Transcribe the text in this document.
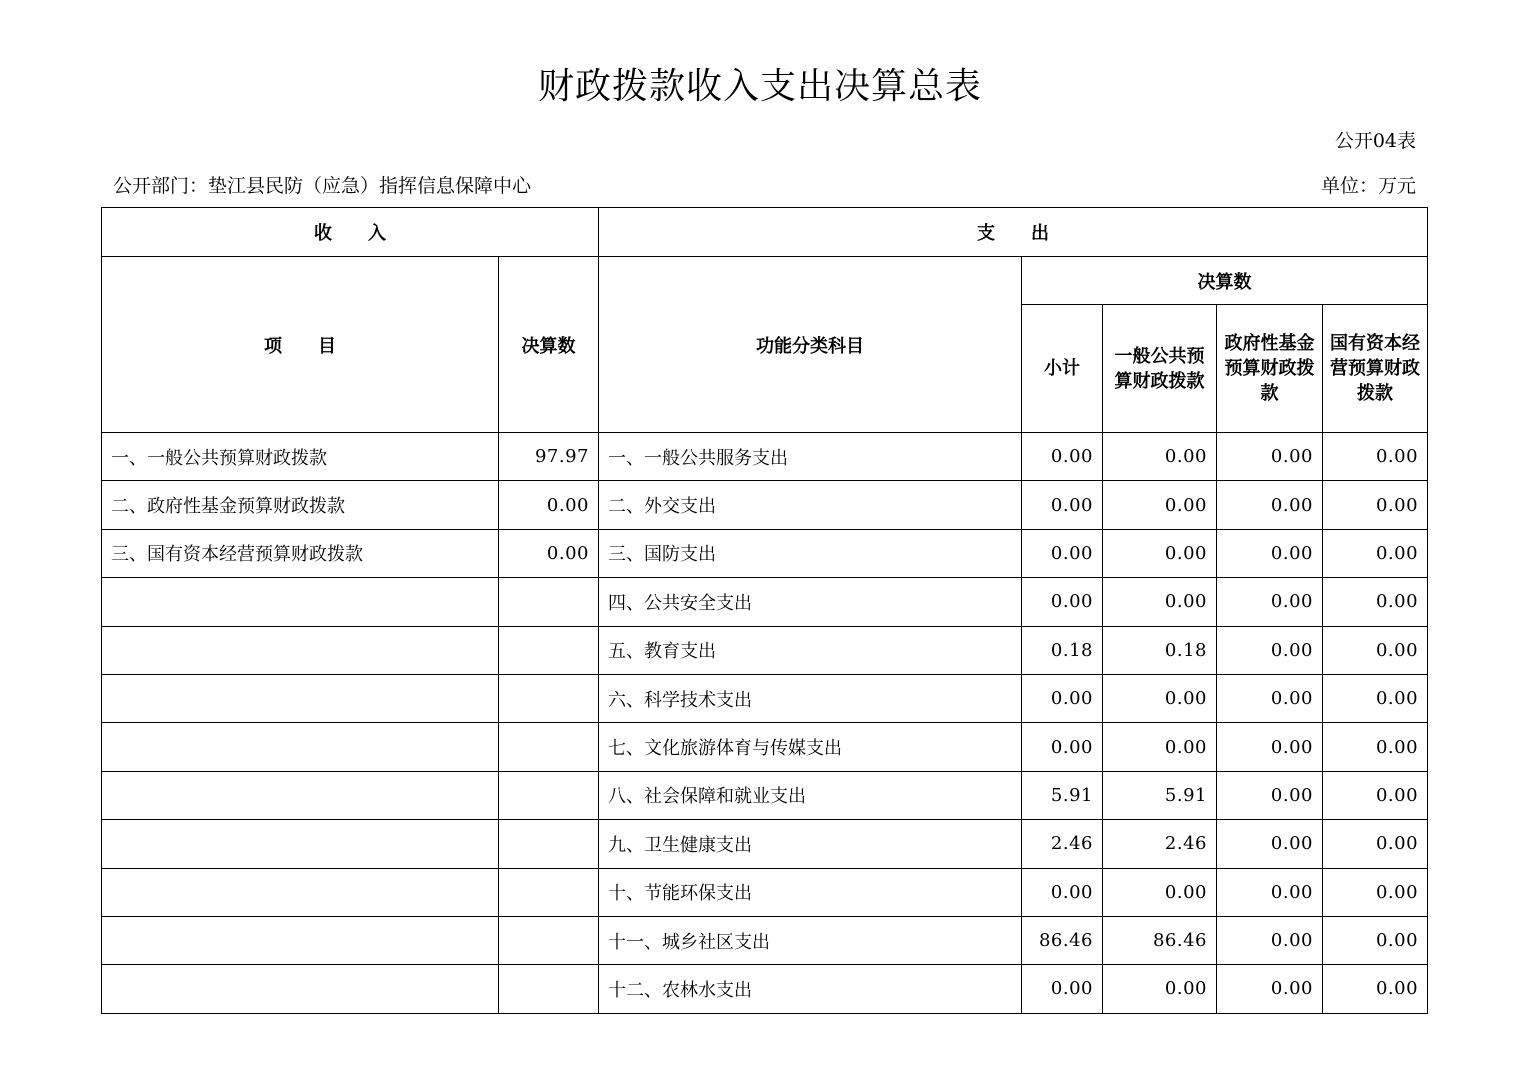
财政拨款收入支出决算总表
公开04表
公开部门：垫江县民防（应急）指挥信息保障中心	单位：万元
收　　入		支　　出				
项　　目	决算数	功能分类科目	决算数			
			小计	一般公共预算财政拨款	政府性基金预算财政拨款	国有资本经营预算财政拨款
一、一般公共预算财政拨款	97.97	一、一般公共服务支出	0.00	0.00	0.00	0.00
二、政府性基金预算财政拨款	0.00	二、外交支出	0.00	0.00	0.00	0.00
三、国有资本经营预算财政拨款	0.00	三、国防支出	0.00	0.00	0.00	0.00
		四、公共安全支出	0.00	0.00	0.00	0.00
		五、教育支出	0.18	0.18	0.00	0.00
		六、科学技术支出	0.00	0.00	0.00	0.00
		七、文化旅游体育与传媒支出	0.00	0.00	0.00	0.00
		八、社会保障和就业支出	5.91	5.91	0.00	0.00
		九、卫生健康支出	2.46	2.46	0.00	0.00
		十、节能环保支出	0.00	0.00	0.00	0.00
		十一、城乡社区支出	86.46	86.46	0.00	0.00
		十二、农林水支出	0.00	0.00	0.00	0.00
